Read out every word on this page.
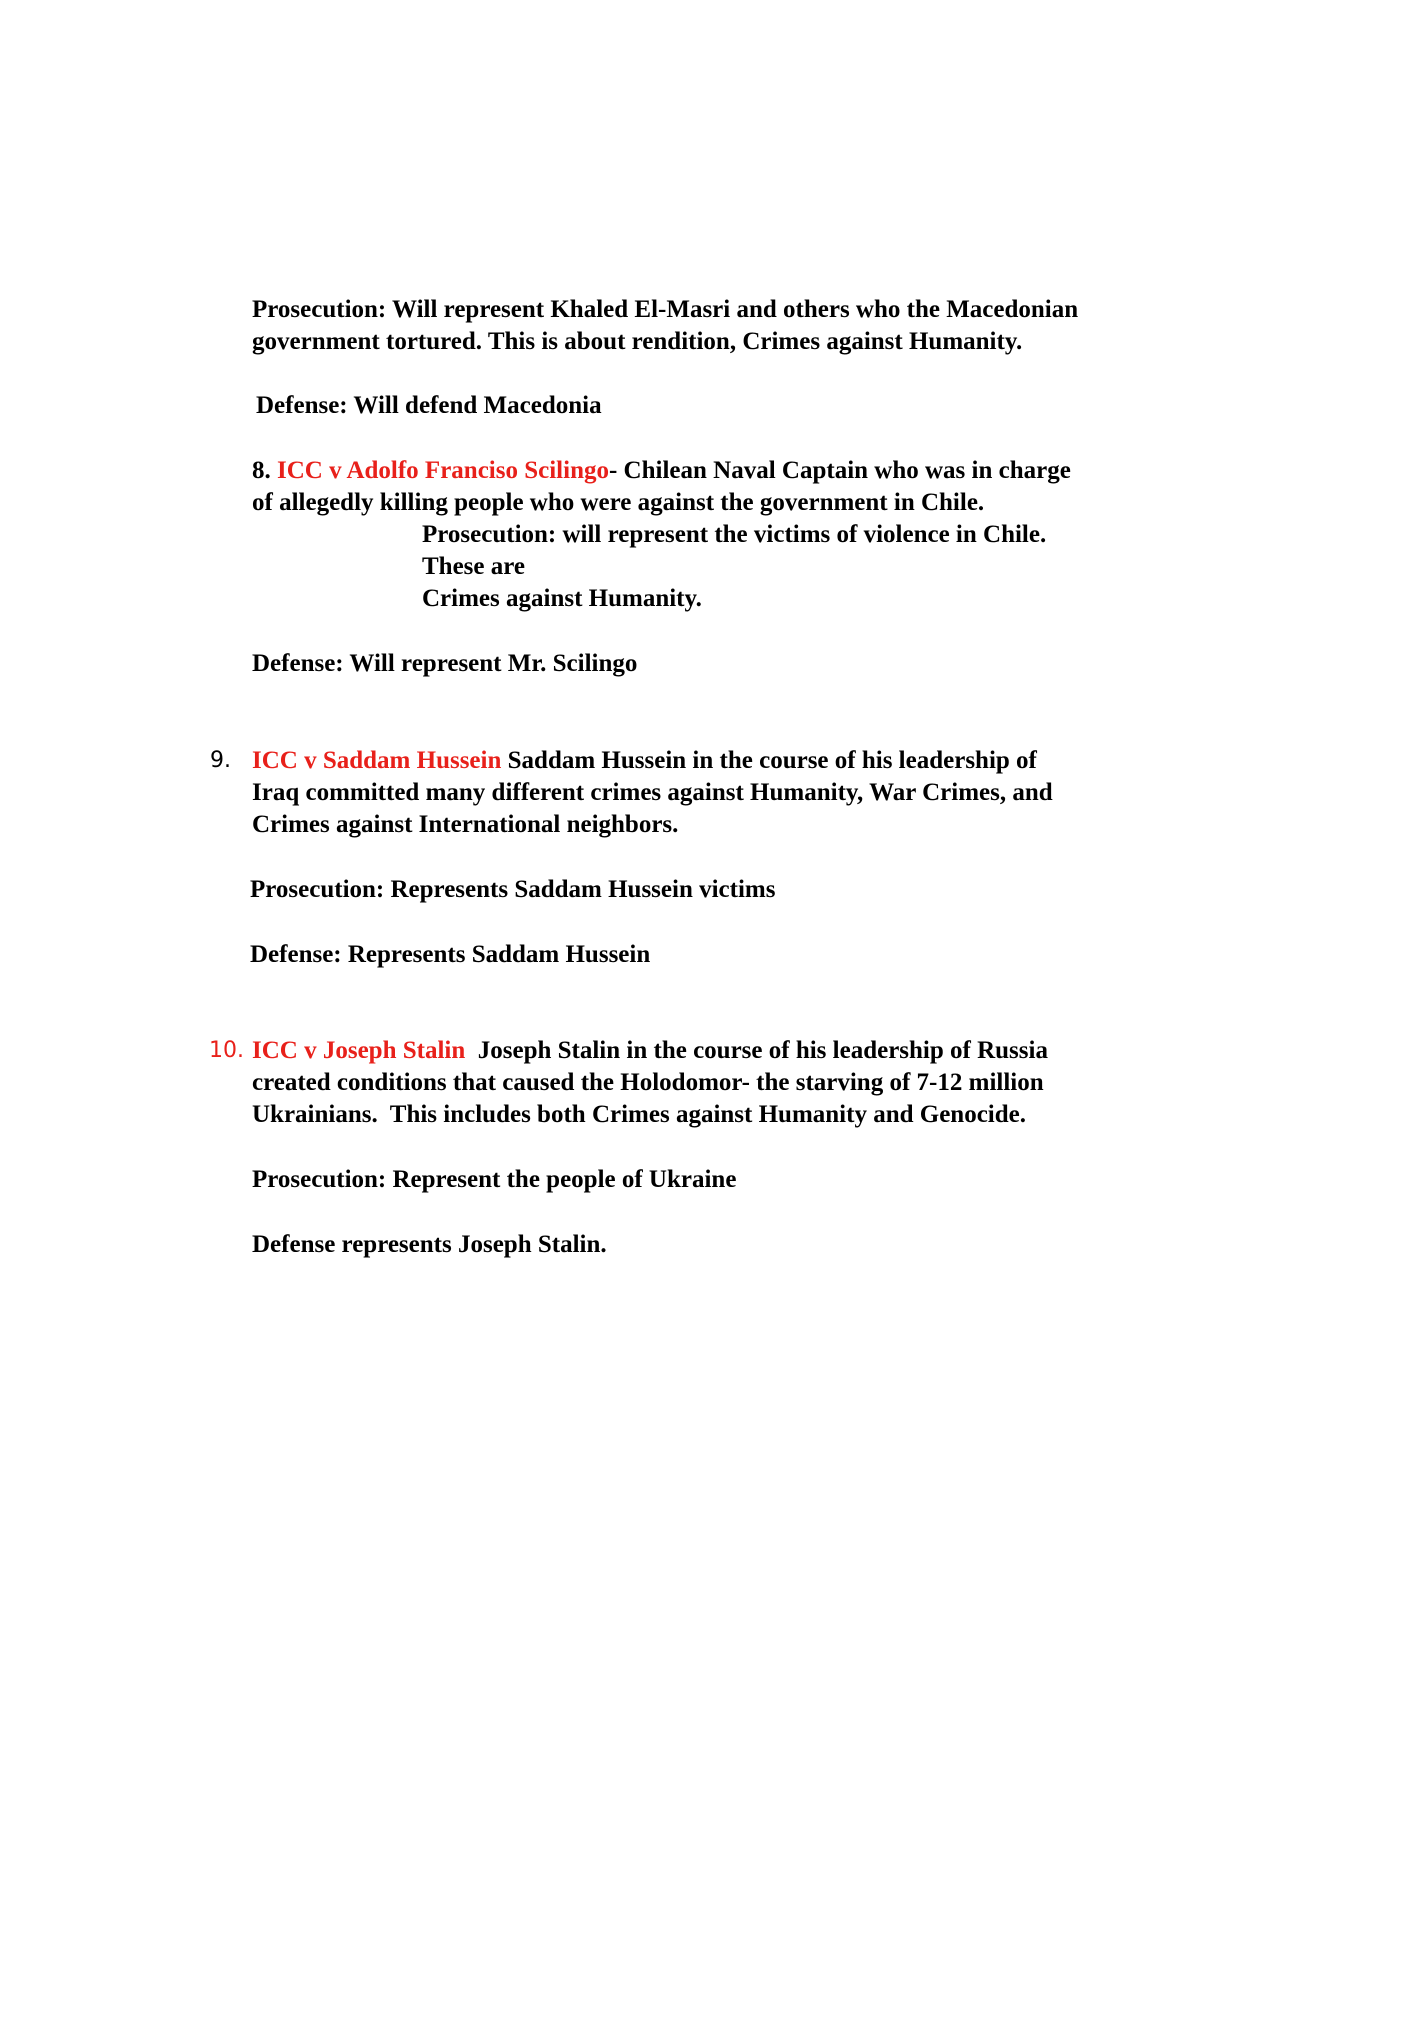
Prosecution: Will represent Khaled El-Masri and others who the Macedonian
government tortured. This is about rendition, Crimes against Humanity.
Defense: Will defend Macedonia
8. ICC v Adolfo Franciso Scilingo- Chilean Naval Captain who was in charge
of allegedly killing people who were against the government in Chile.
Prosecution: will represent the victims of violence in Chile.
These are
Crimes against Humanity.
Defense: Will represent Mr. Scilingo
9. ICC v Saddam Hussein Saddam Hussein in the course of his leadership of
Iraq committed many different crimes against Humanity, War Crimes, and
Crimes against International neighbors.
Prosecution: Represents Saddam Hussein victims
Defense: Represents Saddam Hussein
10. ICC v Joseph Stalin  Joseph Stalin in the course of his leadership of Russia
created conditions that caused the Holodomor- the starving of 7-12 million
Ukrainians.  This includes both Crimes against Humanity and Genocide.
Prosecution: Represent the people of Ukraine
Defense represents Joseph Stalin.
